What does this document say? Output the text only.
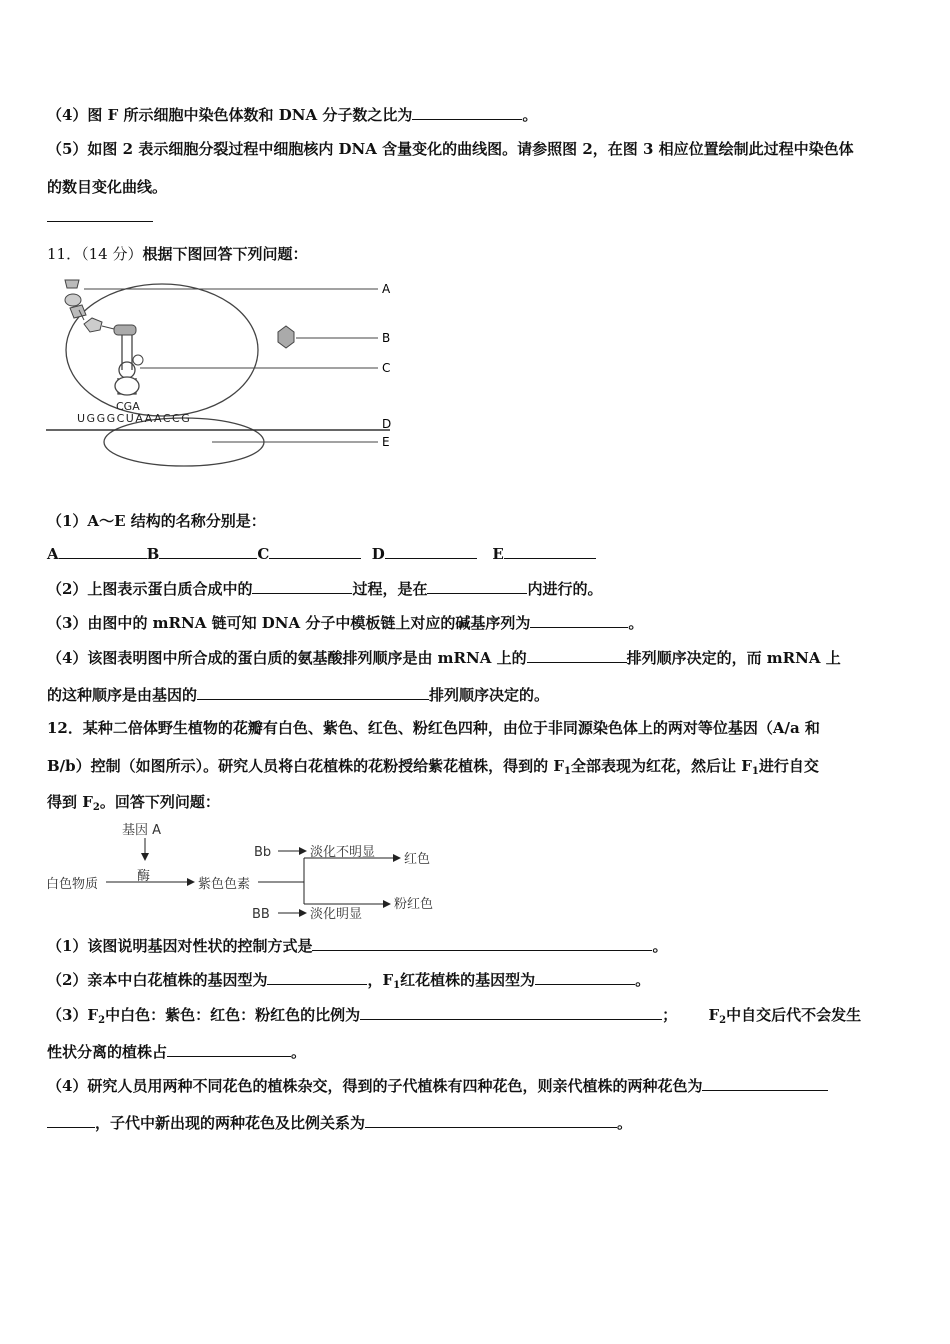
（4）图 F 所示细胞中染色体数和 DNA 分子数之比为	。
（5）如图 2 表示细胞分裂过程中细胞核内 DNA 含量变化的曲线图。请参照图 2，在图 3 相应位置绘制此过程中染色体
的数目变化曲线。
11．（14 分）根据下图回答下列问题：
CGA
UGGGCUAAACCG
A
B
C
D
E
（1）A～E 结构的名称分别是：
A	B	C	D	E
（2）上图表示蛋白质合成中的	过程，是在	内进行的。
（3）由图中的 mRNA 链可知 DNA 分子中模板链上对应的碱基序列为	。
（4）该图表明图中所合成的蛋白质的氨基酸排列顺序是由 mRNA 上的	排列顺序决定的，而 mRNA 上
的这种顺序是由基因的	排列顺序决定的。
12．某种二倍体野生植物的花瓣有白色、紫色、红色、粉红色四种，由位于非同源染色体上的两对等位基因（A/a 和
B/b）控制（如图所示）。研究人员将白花植株的花粉授给紫花植株，得到的 $F_1$全部表现为红花，然后让 $F_1$进行自交
得到 $F_2$。回答下列问题：
基因 A
酶
白色物质	紫色色素
Bb	淡化不明显 红色
粉红色
BB	淡化明显
（1）该图说明基因对性状的控制方式是	。
（2）亲本中白花植株的基因型为	，$F_1$红花植株的基因型为	。
$(3)F_2$中白色：紫色：红色：粉红色的比例为	； $F_2$中自交后代不会发生
性状分离的植株占	。
（4）研究人员用两种不同花色的植株杂交，得到的子代植株有四种花色，则亲代植株的两种花色为
，子代中新出现的两种花色及比例关系为	。
